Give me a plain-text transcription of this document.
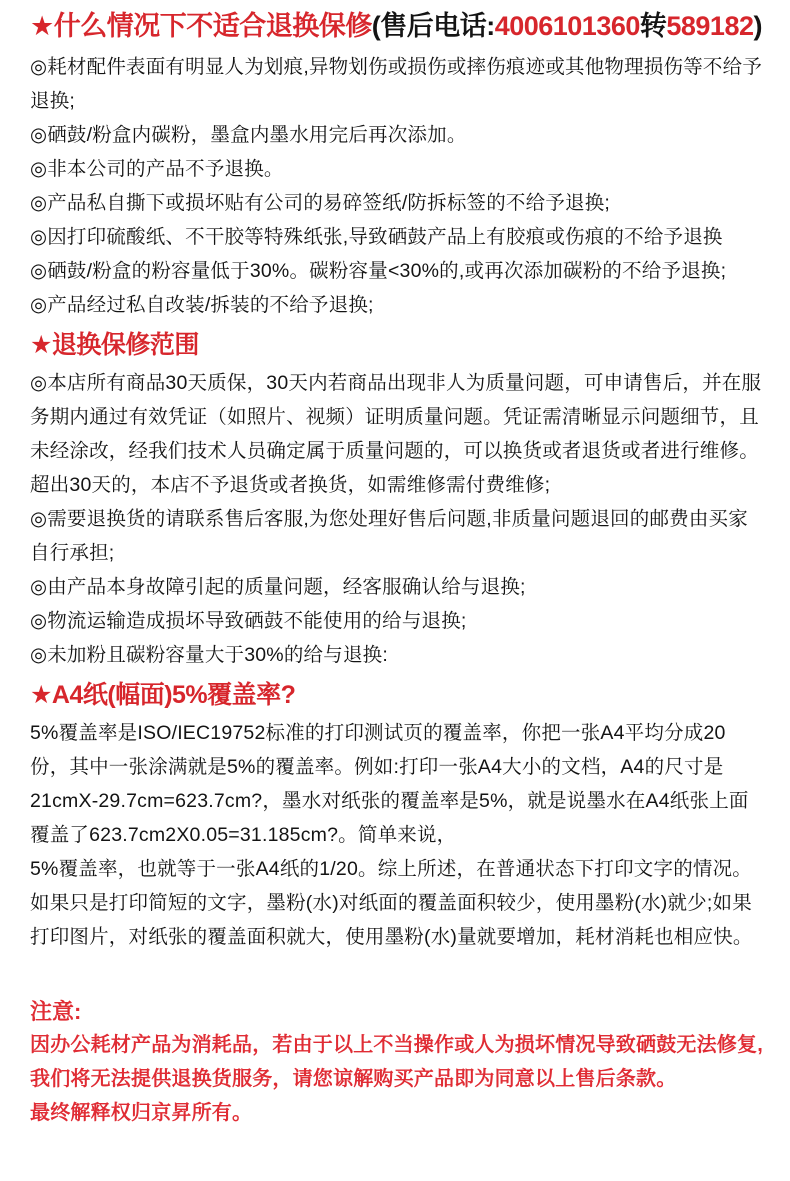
★什么情况下不适合退换保修(售后电话:4006101360转589182)

◎耗材配件表面有明显人为划痕,异物划伤或损伤或摔伤痕迹或其他物理损伤等不给予退换;

◎硒鼓/粉盒内碳粉，墨盒内墨水用完后再次添加。

◎非本公司的产品不予退换。

◎产品私自撕下或损坏贴有公司的易碎签纸/防拆标签的不给予退换;

◎因打印硫酸纸、不干胶等特殊纸张,导致硒鼓产品上有胶痕或伤痕的不给予退换

◎硒鼓/粉盒的粉容量低于30%。碳粉容量<30%的,或再次添加碳粉的不给予退换;

◎产品经过私自改装/拆装的不给予退换;

★退换保修范围

◎本店所有商品30天质保，30天内若商品出现非人为质量问题，可申请售后，并在服务期内通过有效凭证（如照片、视频）证明质量问题。凭证需清晰显示问题细节，且未经涂改，经我们技术人员确定属于质量问题的，可以换货或者退货或者进行维修。超出30天的，本店不予退货或者换货，如需维修需付费维修;

◎需要退换货的请联系售后客服,为您处理好售后问题,非质量问题退回的邮费由买家自行承担;

◎由产品本身故障引起的质量问题，经客服确认给与退换;

◎物流运输造成损坏导致硒鼓不能使用的给与退换;

◎未加粉且碳粉容量大于30%的给与退换:

★A4纸(幅面)5%覆盖率?

5%覆盖率是ISO/IEC19752标准的打印测试页的覆盖率，你把一张A4平均分成20份，其中一张涂满就是5%的覆盖率。例如:打印一张A4大小的文档，A4的尺寸是21cmX-29.7cm=623.7cm?，墨水对纸张的覆盖率是5%，就是说墨水在A4纸张上面覆盖了623.7cm2X0.05=31.185cm?。简单来说，

5%覆盖率，也就等于一张A4纸的1/20。综上所述，在普通状态下打印文字的情况。如果只是打印简短的文字，墨粉(水)对纸面的覆盖面积较少，使用墨粉(水)就少;如果打印图片，对纸张的覆盖面积就大，使用墨粉(水)量就要增加，耗材消耗也相应快。

注意:

因办公耗材产品为消耗品，若由于以上不当操作或人为损坏情况导致硒鼓无法修复,我们将无法提供退换货服务，请您谅解购买产品即为同意以上售后条款。

最终解释权归京昇所有。
